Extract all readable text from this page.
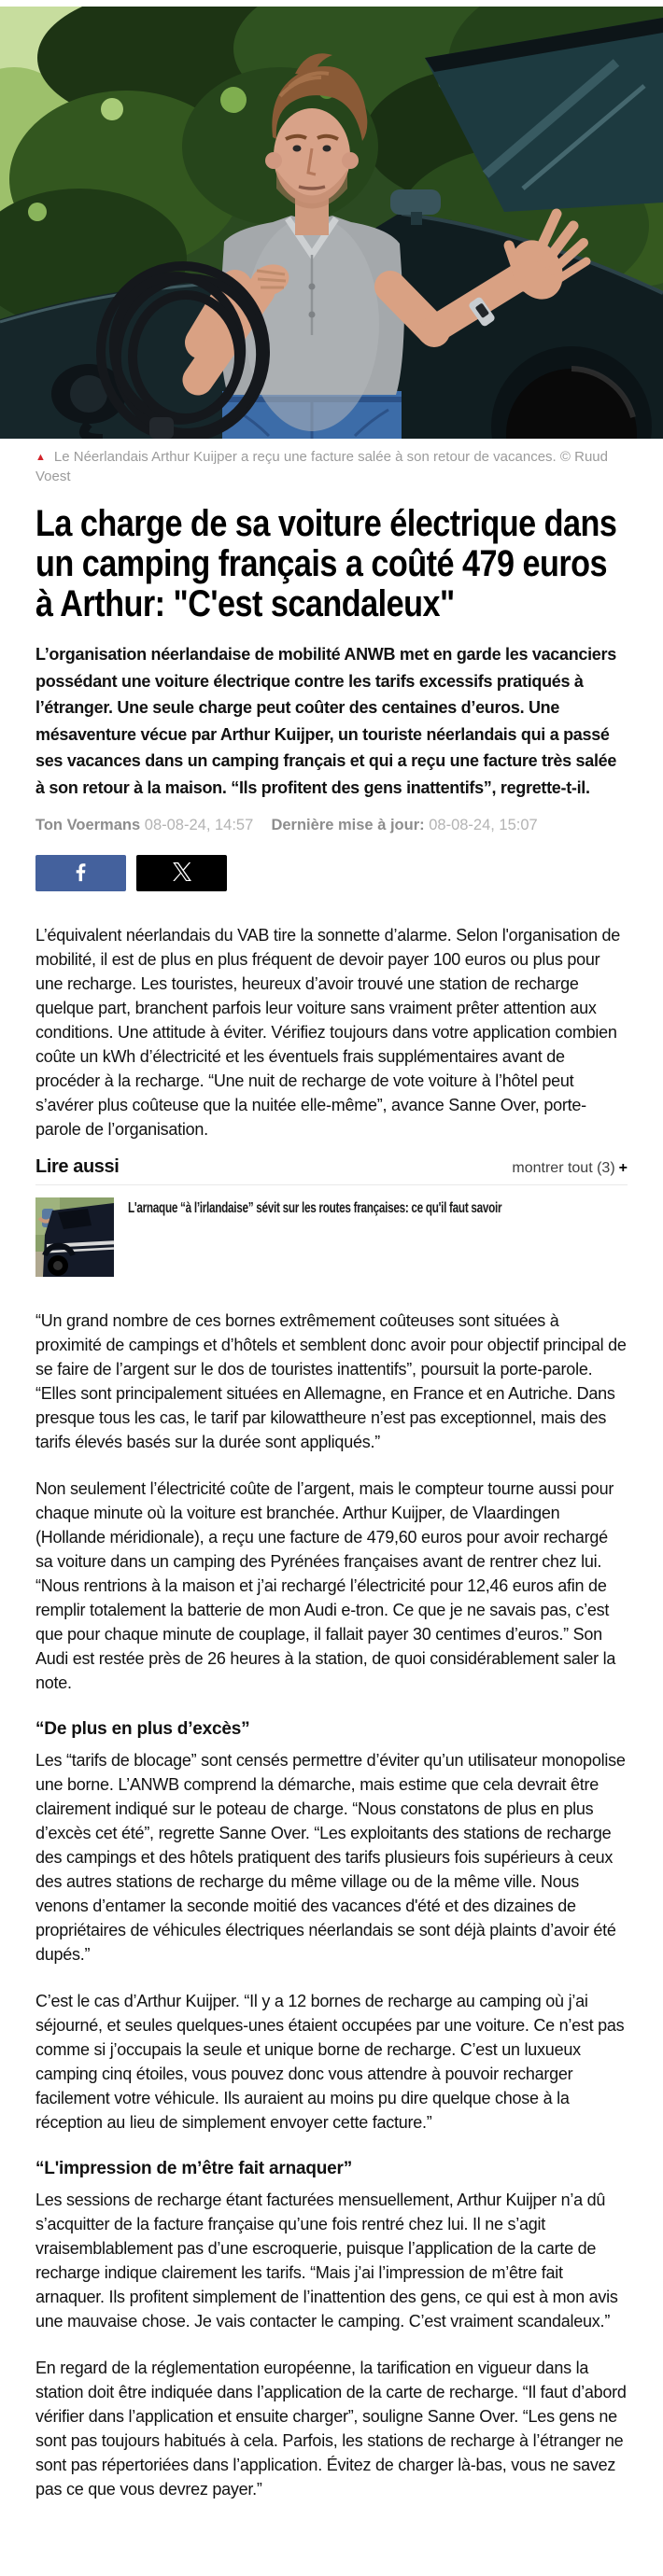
▲ Le Néerlandais Arthur Kuijper a reçu une facture salée à son retour de vacances. © Ruud Voest
La charge de sa voiture électrique dans un camping français a coûté 479 euros à Arthur: "C'est scandaleux"

L’organisation néerlandaise de mobilité ANWB met en garde les vacanciers possédant une voiture électrique contre les tarifs excessifs pratiqués à l’étranger. Une seule charge peut coûter des centaines d’euros. Une mésaventure vécue par Arthur Kuijper, un touriste néerlandais qui a passé ses vacances dans un camping français et qui a reçu une facture très salée à son retour à la maison. “Ils profitent des gens inattentifs”, regrette-t-il.

Ton Voermans 08-08-24, 14:57 Dernière mise à jour: 08-08-24, 15:07

L’équivalent néerlandais du VAB tire la sonnette d’alarme. Selon l'organisation de mobilité, il est de plus en plus fréquent de devoir payer 100 euros ou plus pour une recharge. Les touristes, heureux d’avoir trouvé une station de recharge quelque part, branchent parfois leur voiture sans vraiment prêter attention aux conditions. Une attitude à éviter. Vérifiez toujours dans votre application combien coûte un kWh d’électricité et les éventuels frais supplémentaires avant de procéder à la recharge. “Une nuit de recharge de vote voiture à l’hôtel peut s’avérer plus coûteuse que la nuitée elle-même”, avance Sanne Over, porte-parole de l’organisation.

Lire aussi	montrer tout (3) +
L'arnaque “à l’irlandaise” sévit sur les routes françaises: ce qu'il faut savoir

“Un grand nombre de ces bornes extrêmement coûteuses sont situées à proximité de campings et d’hôtels et semblent donc avoir pour objectif principal de se faire de l’argent sur le dos de touristes inattentifs”, poursuit la porte-parole. “Elles sont principalement situées en Allemagne, en France et en Autriche. Dans presque tous les cas, le tarif par kilowattheure n’est pas exceptionnel, mais des tarifs élevés basés sur la durée sont appliqués.”

Non seulement l’électricité coûte de l’argent, mais le compteur tourne aussi pour chaque minute où la voiture est branchée. Arthur Kuijper, de Vlaardingen (Hollande méridionale), a reçu une facture de 479,60 euros pour avoir rechargé sa voiture dans un camping des Pyrénées françaises avant de rentrer chez lui. “Nous rentrions à la maison et j’ai rechargé l’électricité pour 12,46 euros afin de remplir totalement la batterie de mon Audi e-tron. Ce que je ne savais pas, c’est que pour chaque minute de couplage, il fallait payer 30 centimes d’euros.” Son Audi est restée près de 26 heures à la station, de quoi considérablement saler la note.

“De plus en plus d’excès”

Les “tarifs de blocage” sont censés permettre d’éviter qu’un utilisateur monopolise une borne. L’ANWB comprend la démarche, mais estime que cela devrait être clairement indiqué sur le poteau de charge. “Nous constatons de plus en plus d’excès cet été”, regrette Sanne Over. “Les exploitants des stations de recharge des campings et des hôtels pratiquent des tarifs plusieurs fois supérieurs à ceux des autres stations de recharge du même village ou de la même ville. Nous venons d’entamer la seconde moitié des vacances d'été et des dizaines de propriétaires de véhicules électriques néerlandais se sont déjà plaints d’avoir été dupés.”

C’est le cas d’Arthur Kuijper. “Il y a 12 bornes de recharge au camping où j’ai séjourné, et seules quelques-unes étaient occupées par une voiture. Ce n’est pas comme si j’occupais la seule et unique borne de recharge. C’est un luxueux camping cinq étoiles, vous pouvez donc vous attendre à pouvoir recharger facilement votre véhicule. Ils auraient au moins pu dire quelque chose à la réception au lieu de simplement envoyer cette facture.”

“L'impression de m’être fait arnaquer”

Les sessions de recharge étant facturées mensuellement, Arthur Kuijper n’a dû s’acquitter de la facture française qu’une fois rentré chez lui. Il ne s’agit vraisemblablement pas d’une escroquerie, puisque l’application de la carte de recharge indique clairement les tarifs. “Mais j’ai l’impression de m’être fait arnaquer. Ils profitent simplement de l’inattention des gens, ce qui est à mon avis une mauvaise chose. Je vais contacter le camping. C’est vraiment scandaleux.”

En regard de la réglementation européenne, la tarification en vigueur dans la station doit être indiquée dans l’application de la carte de recharge. “Il faut d’abord vérifier dans l’application et ensuite charger”, souligne Sanne Over. “Les gens ne sont pas toujours habitués à cela. Parfois, les stations de recharge à l’étranger ne sont pas répertoriées dans l’application. Évitez de charger là-bas, vous ne savez pas ce que vous devrez payer.”
